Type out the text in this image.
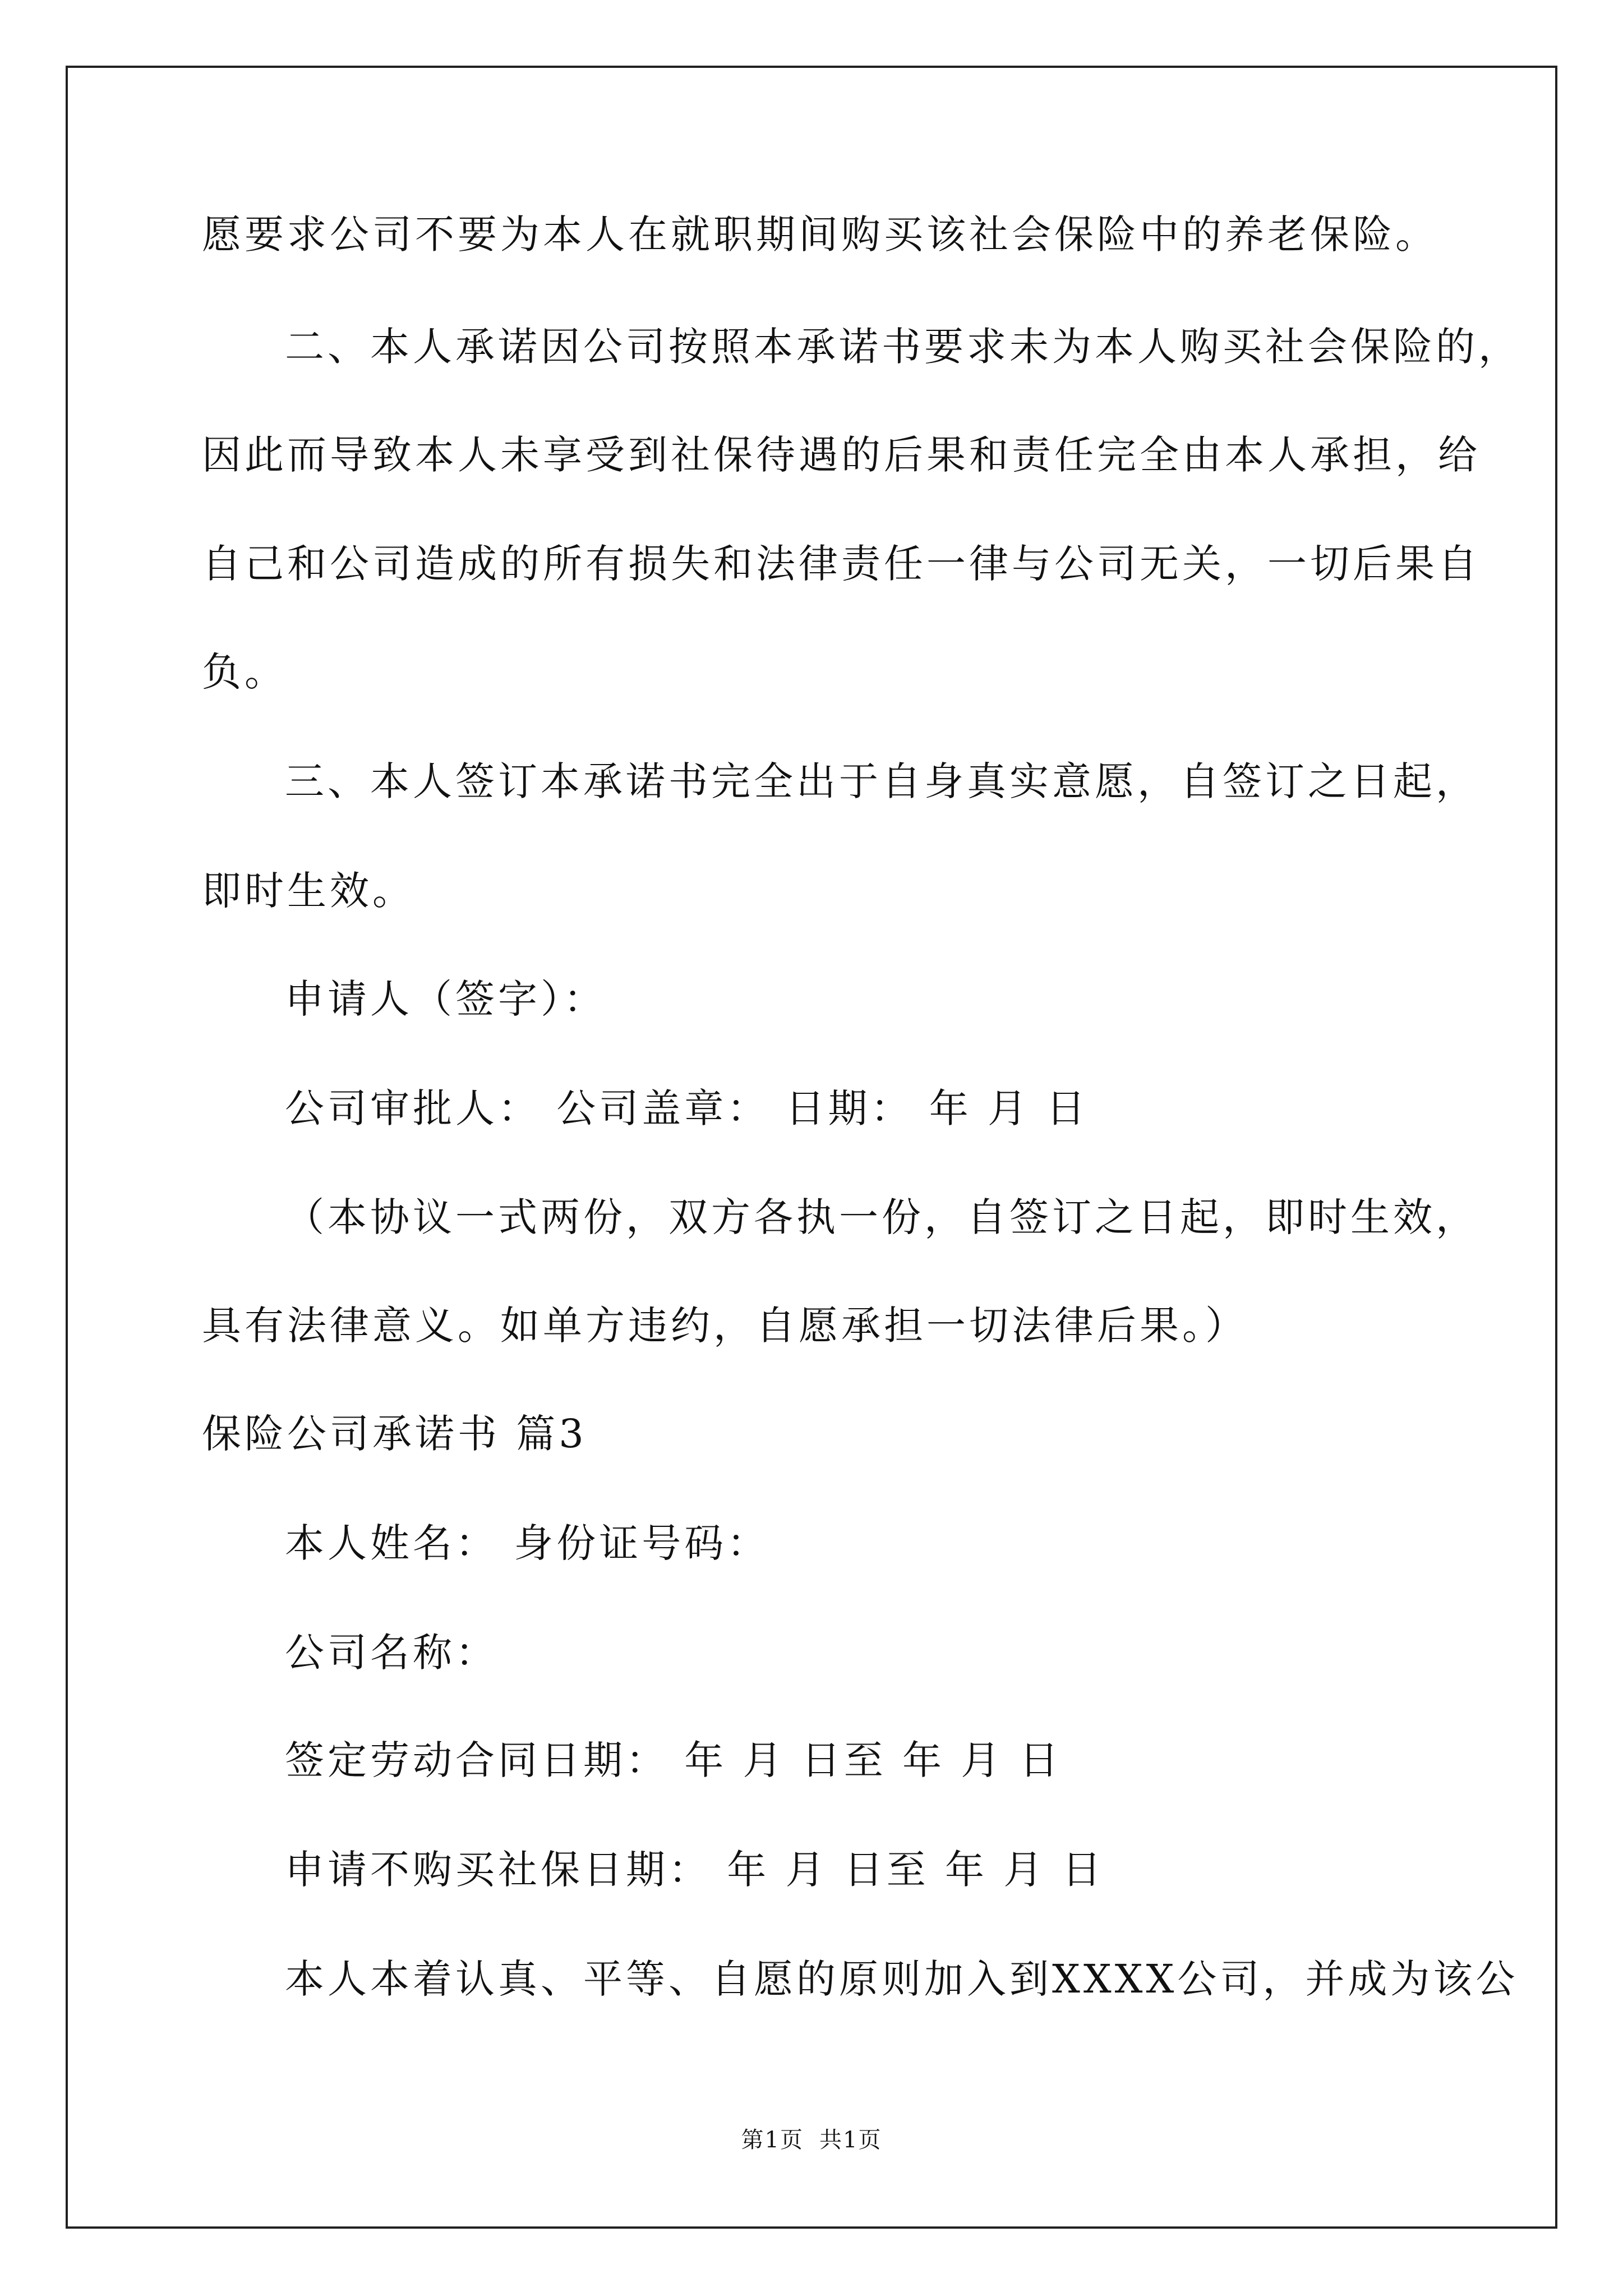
愿要求公司不要为本人在就职期间购买该社会保险中的养老保险。
二、本人承诺因公司按照本承诺书要求未为本人购买社会保险的，
因此而导致本人未享受到社保待遇的后果和责任完全由本人承担，给
自己和公司造成的所有损失和法律责任一律与公司无关，一切后果自
负。
三、本人签订本承诺书完全出于自身真实意愿，自签订之日起，
即时生效。
申请人（签字）：
公司审批人： 公司盖章： 日期： 年 月 日
（本协议一式两份，双方各执一份，自签订之日起，即时生效，
具有法律意义。如单方违约，自愿承担一切法律后果。）
保险公司承诺书 篇3
本人姓名： 身份证号码：
公司名称：
签定劳动合同日期： 年 月 日至 年 月 日
申请不购买社保日期： 年 月 日至 年 月 日
本人本着认真、平等、自愿的原则加入到XXXX公司，并成为该公
第1页 共1页
